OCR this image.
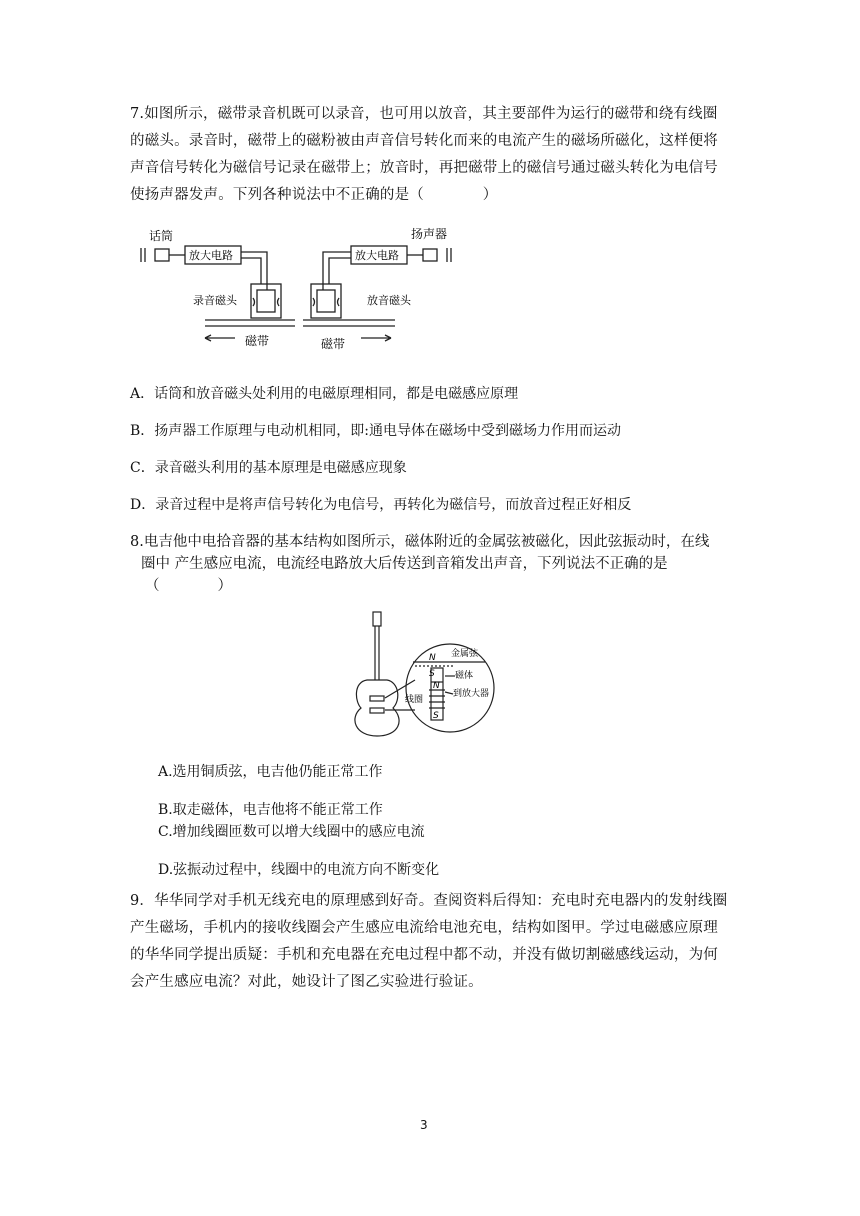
7.如图所示，磁带录音机既可以录音，也可用以放音，其主要部件为运行的磁带和绕有线圈的磁头。录音时，磁带上的磁粉被由声音信号转化而来的电流产生的磁场所磁化，这样便将声音信号转化为磁信号记录在磁带上；放音时，再把磁带上的磁信号通过磁头转化为电信号使扬声器发声。下列各种说法中不正确的是（　　　　）
话筒
放大电路
录音磁头
磁带
扬声器
放大电路
放音磁头
磁带
A．话筒和放音磁头处利用的电磁原理相同，都是电磁感应原理
B．扬声器工作原理与电动机相同，即:通电导体在磁场中受到磁场力作用而运动
C．录音磁头利用的基本原理是电磁感应现象
D．录音过程中是将声信号转化为电信号，再转化为磁信号，而放音过程正好相反
8.电吉他中电拾音器的基本结构如图所示，磁体附近的金属弦被磁化，因此弦振动时，在线
圈中 产生感应电流，电流经电路放大后传送到音箱发出声音，下列说法不正确的是
（　　　　）
N
S
N
S
金属弦
磁体
到放大器
线圈
A.选用铜质弦，电吉他仍能正常工作
B.取走磁体，电吉他将不能正常工作
C.增加线圈匝数可以增大线圈中的感应电流
D.弦振动过程中，线圈中的电流方向不断变化
9．华华同学对手机无线充电的原理感到好奇。查阅资料后得知：充电时充电器内的发射线圈产生磁场，手机内的接收线圈会产生感应电流给电池充电，结构如图甲。学过电磁感应原理的华华同学提出质疑：手机和充电器在充电过程中都不动，并没有做切割磁感线运动，为何会产生感应电流？对此，她设计了图乙实验进行验证。
3
